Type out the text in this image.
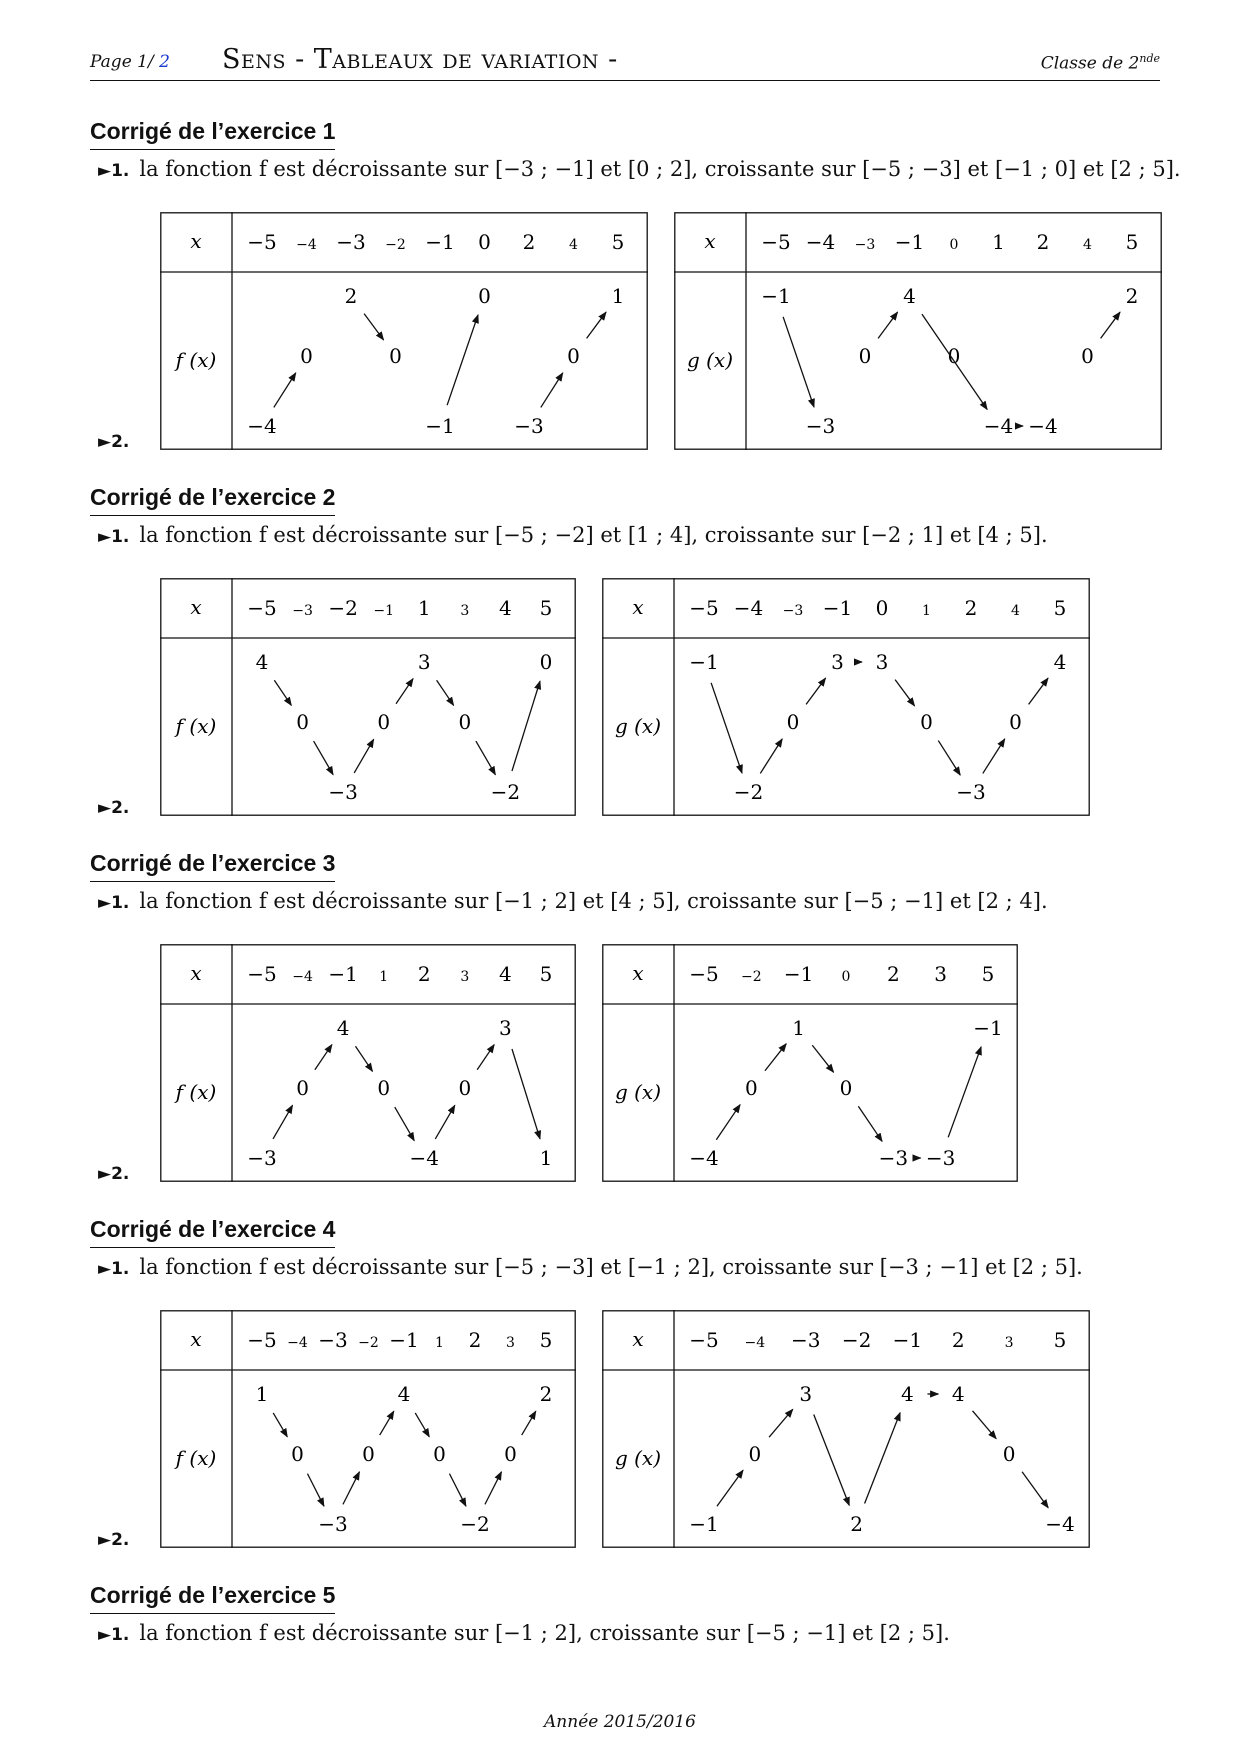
Page 1/ 2 Sens - Tableaux de variation -	Classe de 2nde
Corrigé de l’exercice 1
►1. la fonction f est décroissante sur [−3 ; −1] et [0 ; 2], croissante sur [−5 ; −3] et [−1 ; 0] et [2 ; 5].
►2.
x
f (x)
−5 −4 −3 −2 −1 0 2 4 5
−4
0
2
0
−1
0
−3
0
1
x
g (x)
−5 −4 −3 −1 0 1 2 4 5
−1
−3
0
4
0
−4 −4
0
2
Corrigé de l’exercice 2
►1. la fonction f est décroissante sur [−5 ; −2] et [1 ; 4], croissante sur [−2 ; 1] et [4 ; 5].
►2.
x
f (x)
−5 −3 −2 −1 1 3 4 5
4
0
−3
0
3
0
−2
0
x
g (x)
−5 −4 −3 −1 0 1 2 4 5
−1
−2
0
3 3
0
−3
0
4
Corrigé de l’exercice 3
►1. la fonction f est décroissante sur [−1 ; 2] et [4 ; 5], croissante sur [−5 ; −1] et [2 ; 4].
►2.
x
f (x)
−5 −4 −1 1 2 3 4 5
−3
0
4
0
−4
0
3
1
x
g (x)
−5 −2 −1 0 2 3 5
−4
0
1
0
−3 −3
−1
Corrigé de l’exercice 4
►1. la fonction f est décroissante sur [−5 ; −3] et [−1 ; 2], croissante sur [−3 ; −1] et [2 ; 5].
►2.
x
f (x)
−5 −4 −3 −2 −1 1 2 3 5
1
0
−3
0
4
0
−2
0
2
x
g (x)
−5 −4 −3 −2 −1 2	3 5
−1
0
3
2
4 4
0
−4
Corrigé de l’exercice 5
►1. la fonction f est décroissante sur [−1 ; 2], croissante sur [−5 ; −1] et [2 ; 5].
Année 2015/2016
